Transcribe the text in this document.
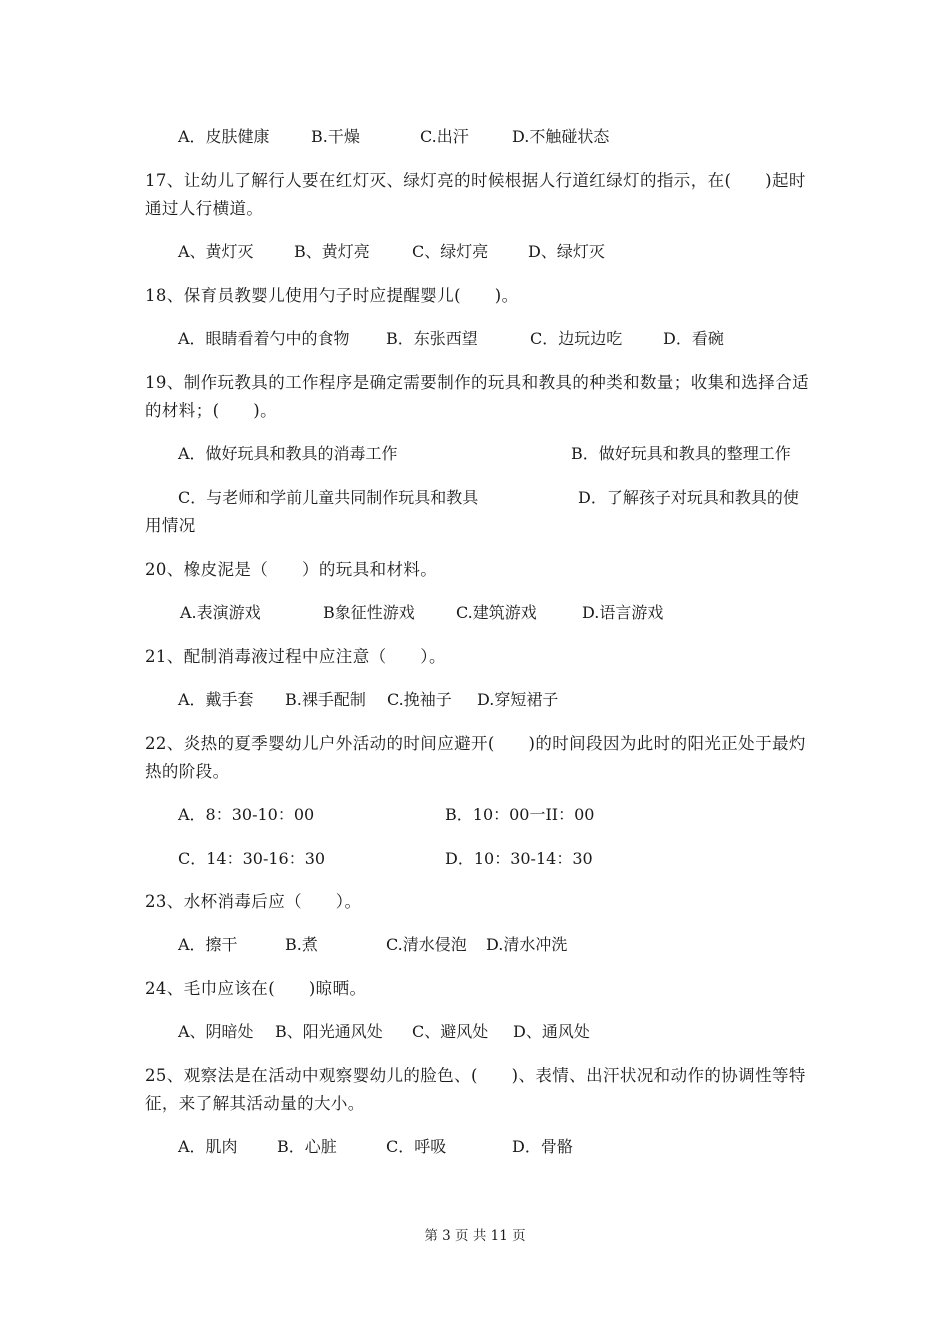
A．皮肤健康

	B.干燥

	C.出汗

	D.不触碰状态

17、让幼儿了解行人要在红灯灭、绿灯亮的时候根据人行道红绿灯的指示，在(　　)起时
通过人行横道。

A、黄灯灭

	B、黄灯亮

	C、绿灯亮

D、绿灯灭

18、保育员教婴儿使用勺子时应提醒婴儿(　　)。

A．眼睛看着勺中的食物

B．东张西望

	C．边玩边吃

	D．看碗

19、制作玩教具的工作程序是确定需要制作的玩具和教具的种类和数量；收集和选择合适
的材料；(　　)。

A．做好玩具和教具的消毒工作

	B．做好玩具和教具的整理工作

C．与老师和学前儿童共同制作玩具和教具

	D．了解孩子对玩具和教具的使

用情况
20、橡皮泥是（　　）的玩具和材料。

A.表演游戏

	B象征性游戏

	C.建筑游戏

	D.语言游戏

21、配制消毒液过程中应注意（　　）。

A．戴手套

B.裸手配制

C.挽袖子

D.穿短裙子

22、炎热的夏季婴幼儿户外活动的时间应避开(　　)的时间段因为此时的阳光正处于最灼
热的阶段。

A．8：30-10：00

	B．10：00一II：00

C．14：30-16：30

	D．10：30-14：30

23、水杯消毒后应（　　）。

A．擦干

	B.煮

	C.清水侵泡

D.清水冲洗

24、毛巾应该在(　　)晾晒。

A、阴暗处

B、阳光通风处

C、避风处

D、通风处

25、观察法是在活动中观察婴幼儿的脸色、(　　)、表情、出汗状况和动作的协调性等特
征，来了解其活动量的大小。

A．肌肉

B．心脏

	C．呼吸

	D．骨骼

第 3 页 共 11 页
